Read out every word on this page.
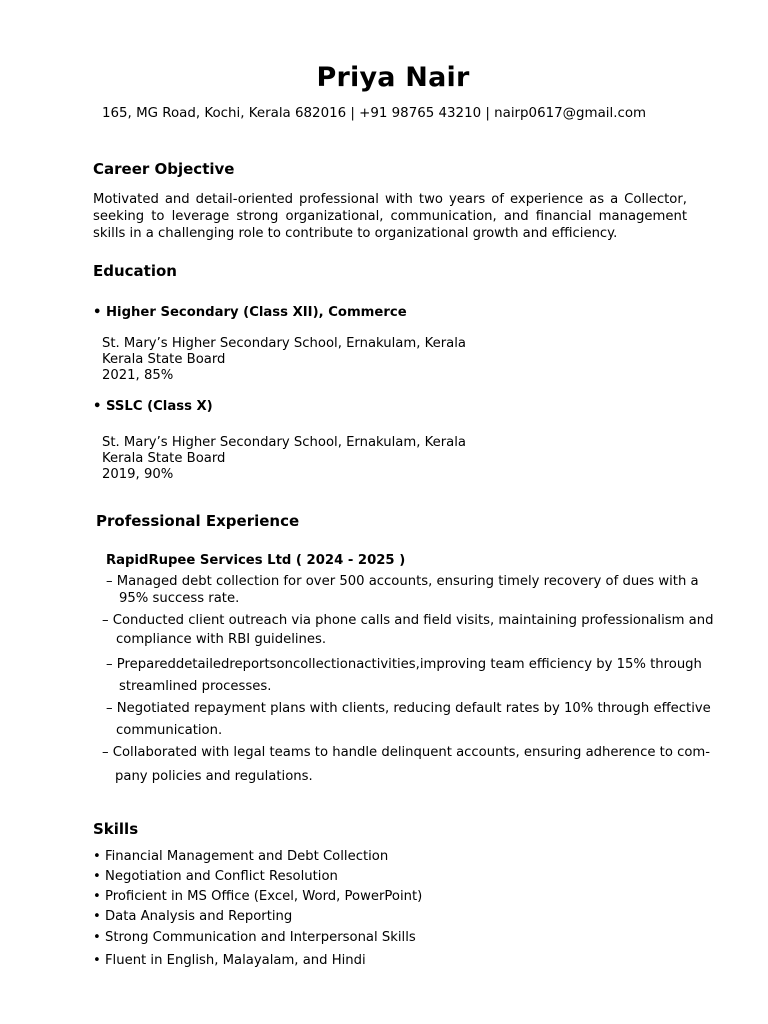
Priya Nair
165, MG Road, Kochi, Kerala 682016 | +91 98765 43210 | nairp0617@gmail.com
Career Objective
Motivated and detail-oriented professional with two years of experience as a Collector, seeking to leverage strong organizational, communication, and financial management skills in a challenging role to contribute to organizational growth and efficiency.
Education
• Higher Secondary (Class XII), Commerce
St. Mary’s Higher Secondary School, Ernakulam, Kerala
Kerala State Board
2021, 85%
• SSLC (Class X)
St. Mary’s Higher Secondary School, Ernakulam, Kerala
Kerala State Board
2019, 90%
Professional Experience
RapidRupee Services Ltd ( 2024 - 2025 )
– Managed debt collection for over 500 accounts, ensuring timely recovery of dues with a
95% success rate.
– Conducted client outreach via phone calls and field visits, maintaining professionalism and
compliance with RBI guidelines.
– Prepareddetailedreportsoncollectionactivities,improving team efficiency by 15% through
streamlined processes.
– Negotiated repayment plans with clients, reducing default rates by 10% through effective
communication.
– Collaborated with legal teams to handle delinquent accounts, ensuring adherence to com-
pany policies and regulations.
Skills
• Financial Management and Debt Collection
• Negotiation and Conflict Resolution
• Proficient in MS Office (Excel, Word, PowerPoint)
• Data Analysis and Reporting
• Strong Communication and Interpersonal Skills
• Fluent in English, Malayalam, and Hindi
